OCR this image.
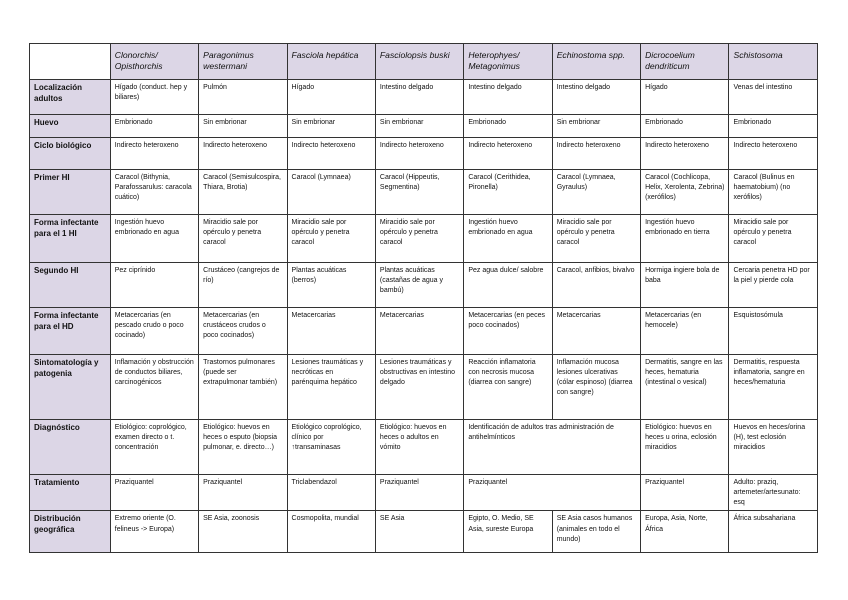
	Clonorchis/ Opisthorchis	Paragonimus westermani	Fasciola hepática	Fasciolopsis buski	Heterophyes/ Metagonimus	Echinostoma spp.	Dicrocoelium dendriticum	Schistosoma
Localización adultos	Hígado (conduct. hep y biliares)	Pulmón	Hígado	Intestino delgado	Intestino delgado	Intestino delgado	Hígado	Venas del intestino
Huevo	Embrionado	Sin embrionar	Sin embrionar	Sin embrionar	Embrionado	Sin embrionar	Embrionado	Embrionado
Ciclo biológico	Indirecto heteroxeno	Indirecto heteroxeno	Indirecto heteroxeno	Indirecto heteroxeno	Indirecto heteroxeno	Indirecto heteroxeno	Indirecto heteroxeno	Indirecto heteroxeno
Primer HI	Caracol (Bithynia, Parafossarulus: caracola cuático)	Caracol (Semisulcospira, Thiara, Brotia)	Caracol (Lymnaea)	Caracol (Hippeutis, Segmentina)	Caracol (Cerithidea, Pironella)	Caracol (Lymnaea, Gyraulus)	Caracol (Cochlicopa, Helix, Xerolenta, Zebrina) (xerófilos)	Caracol (Bulinus en haematobium) (no xerófilos)
Forma infectante para el 1 HI	Ingestión huevo embrionado en agua	Miracidio sale por opérculo y penetra caracol	Miracidio sale por opérculo y penetra caracol	Miracidio sale por opérculo y penetra caracol	Ingestión huevo embrionado en agua	Miracidio sale por opérculo y penetra caracol	Ingestión huevo embrionado en tierra	Miracidio sale por opérculo y penetra caracol
Segundo HI	Pez ciprínido	Crustáceo (cangrejos de río)	Plantas acuáticas (berros)	Plantas acuáticas (castañas de agua y bambú)	Pez agua dulce/ salobre	Caracol, anfibios, bivalvo	Hormiga ingiere bola de baba	Cercaria penetra HD por la piel y pierde cola
Forma infectante para el HD	Metacercarias (en pescado crudo o poco cocinado)	Metacercarias (en crustáceos crudos o poco cocinados)	Metacercarias	Metacercarias	Metacercarias (en peces poco cocinados)	Metacercarias	Metacercarias (en hemocele)	Esquistosómula
Sintomatología y patogenia	Inflamación y obstrucción de conductos biliares, carcinogénicos	Trastornos pulmonares (puede ser extrapulmonar también)	Lesiones traumáticas y necróticas en parénquima hepático	Lesiones traumáticas y obstructivas en intestino delgado	Reacción inflamatoria con necrosis mucosa (diarrea con sangre)	Inflamación mucosa lesiones ulcerativas (cólar espinoso) (diarrea con sangre)	Dermatitis, sangre en las heces, hematuria (intestinal o vesical)	Dermatitis, respuesta inflamatoria, sangre en heces/hematuria
Diagnóstico	Etiológico: coprológico, examen directo o t. concentración	Etiológico: huevos en heces o esputo (biopsia pulmonar, e. directo…)	Etiológico coprológico, clínico por ↑transaminasas	Etiológico: huevos en heces o adultos en vómito	Identificación de adultos tras administración de antihelmínticos		Etiológico: huevos en heces u orina, eclosión miracidios	Huevos en heces/orina (H), test eclosión miracidios
Tratamiento	Praziquantel	Praziquantel	Triclabendazol	Praziquantel	Praziquantel		Praziquantel	Adulto: praziq, artemeter/artesunato: esq
Distribución geográfica	Extremo oriente (O. felineus -> Europa)	SE Asia, zoonosis	Cosmopolita, mundial	SE Asia	Egipto, O. Medio, SE Asia, sureste Europa	SE Asia casos humanos (animales en todo el mundo)	Europa, Asia, Norte, África	África subsahariana
